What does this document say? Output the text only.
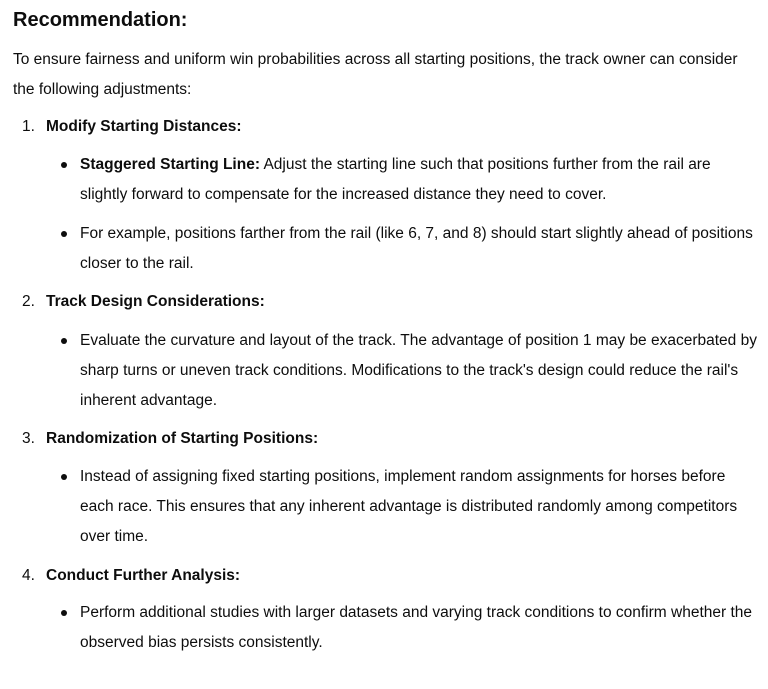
Recommendation:

To ensure fairness and uniform win probabilities across all starting positions, the track owner can consider the following adjustments:

1. Modify Starting Distances:
Staggered Starting Line: Adjust the starting line such that positions further from the rail are slightly forward to compensate for the increased distance they need to cover.
For example, positions farther from the rail (like 6, 7, and 8) should start slightly ahead of positions closer to the rail.
2. Track Design Considerations:
Evaluate the curvature and layout of the track. The advantage of position 1 may be exacerbated by sharp turns or uneven track conditions. Modifications to the track's design could reduce the rail's inherent advantage.
3. Randomization of Starting Positions:
Instead of assigning fixed starting positions, implement random assignments for horses before each race. This ensures that any inherent advantage is distributed randomly among competitors over time.
4. Conduct Further Analysis:
Perform additional studies with larger datasets and varying track conditions to confirm whether the observed bias persists consistently.
